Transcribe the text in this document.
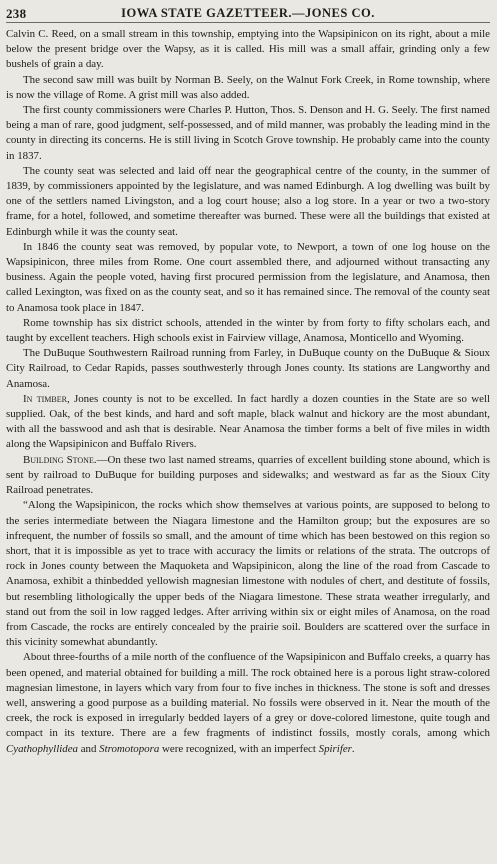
238	IOWA STATE GAZETTEER.—JONES CO.

Calvin C. Reed, on a small stream in this township, emptying into the Wapsipinicon on its right, about a mile below the present bridge over the Wapsy, as it is called. His mill was a small affair, grinding only a few bushels of grain a day.

The second saw mill was built by Norman B. Seely, on the Walnut Fork Creek, in Rome township, where is now the village of Rome. A grist mill was also added.

The first county commissioners were Charles P. Hutton, Thos. S. Denson and H. G. Seely. The first named being a man of rare, good judgment, self-possessed, and of mild manner, was probably the leading mind in the county in directing its concerns. He is still living in Scotch Grove township. He probably came into the county in 1837.

The county seat was selected and laid off near the geographical centre of the county, in the summer of 1839, by commissioners appointed by the legislature, and was named Edinburgh. A log dwelling was built by one of the settlers named Livingston, and a log court house; also a log store. In a year or two a two-story frame, for a hotel, followed, and sometime thereafter was burned. These were all the buildings that existed at Edinburgh while it was the county seat.

In 1846 the county seat was removed, by popular vote, to Newport, a town of one log house on the Wapsipinicon, three miles from Rome. One court assembled there, and adjourned without transacting any business. Again the people voted, having first procured permission from the legislature, and Anamosa, then called Lexington, was fixed on as the county seat, and so it has remained since. The removal of the county seat to Anamosa took place in 1847.

Rome township has six district schools, attended in the winter by from forty to fifty scholars each, and taught by excellent teachers. High schools exist in Fairview village, Anamosa, Monticello and Wyoming.

The DuBuque Southwestern Railroad running from Farley, in DuBuque county on the DuBuque & Sioux City Railroad, to Cedar Rapids, passes southwesterly through Jones county. Its stations are Langworthy and Anamosa.

In timber, Jones county is not to be excelled. In fact hardly a dozen counties in the State are so well supplied. Oak, of the best kinds, and hard and soft maple, black walnut and hickory are the most abundant, with all the basswood and ash that is desirable. Near Anamosa the timber forms a belt of five miles in width along the Wapsipinicon and Buffalo Rivers.

Building Stone.—On these two last named streams, quarries of excellent building stone abound, which is sent by railroad to DuBuque for building purposes and sidewalks; and westward as far as the Sioux City Railroad penetrates.

“Along the Wapsipinicon, the rocks which show themselves at various points, are supposed to belong to the series intermediate between the Niagara limestone and the Hamilton group; but the exposures are so infrequent, the number of fossils so small, and the amount of time which has been bestowed on this region so short, that it is impossible as yet to trace with accuracy the limits or relations of the strata. The outcrops of rock in Jones county between the Maquoketa and Wapsipinicon, along the line of the road from Cascade to Anamosa, exhibit a thinbedded yellowish magnesian limestone with nodules of chert, and destitute of fossils, but resembling lithologically the upper beds of the Niagara limestone. These strata weather irregularly, and stand out from the soil in low ragged ledges. After arriving within six or eight miles of Anamosa, on the road from Cascade, the rocks are entirely concealed by the prairie soil. Boulders are scattered over the surface in this vicinity somewhat abundantly.

About three-fourths of a mile north of the confluence of the Wapsipinicon and Buffalo creeks, a quarry has been opened, and material obtained for building a mill. The rock obtained here is a porous light straw-colored magnesian limestone, in layers which vary from four to five inches in thickness. The stone is soft and dresses well, answering a good purpose as a building material. No fossils were observed in it. Near the mouth of the creek, the rock is exposed in irregularly bedded layers of a grey or dove-colored limestone, quite tough and compact in its texture. There are a few fragments of indistinct fossils, mostly corals, among which Cyathophyllidea and Stromotopora were recognized, with an imperfect Spirifer.
